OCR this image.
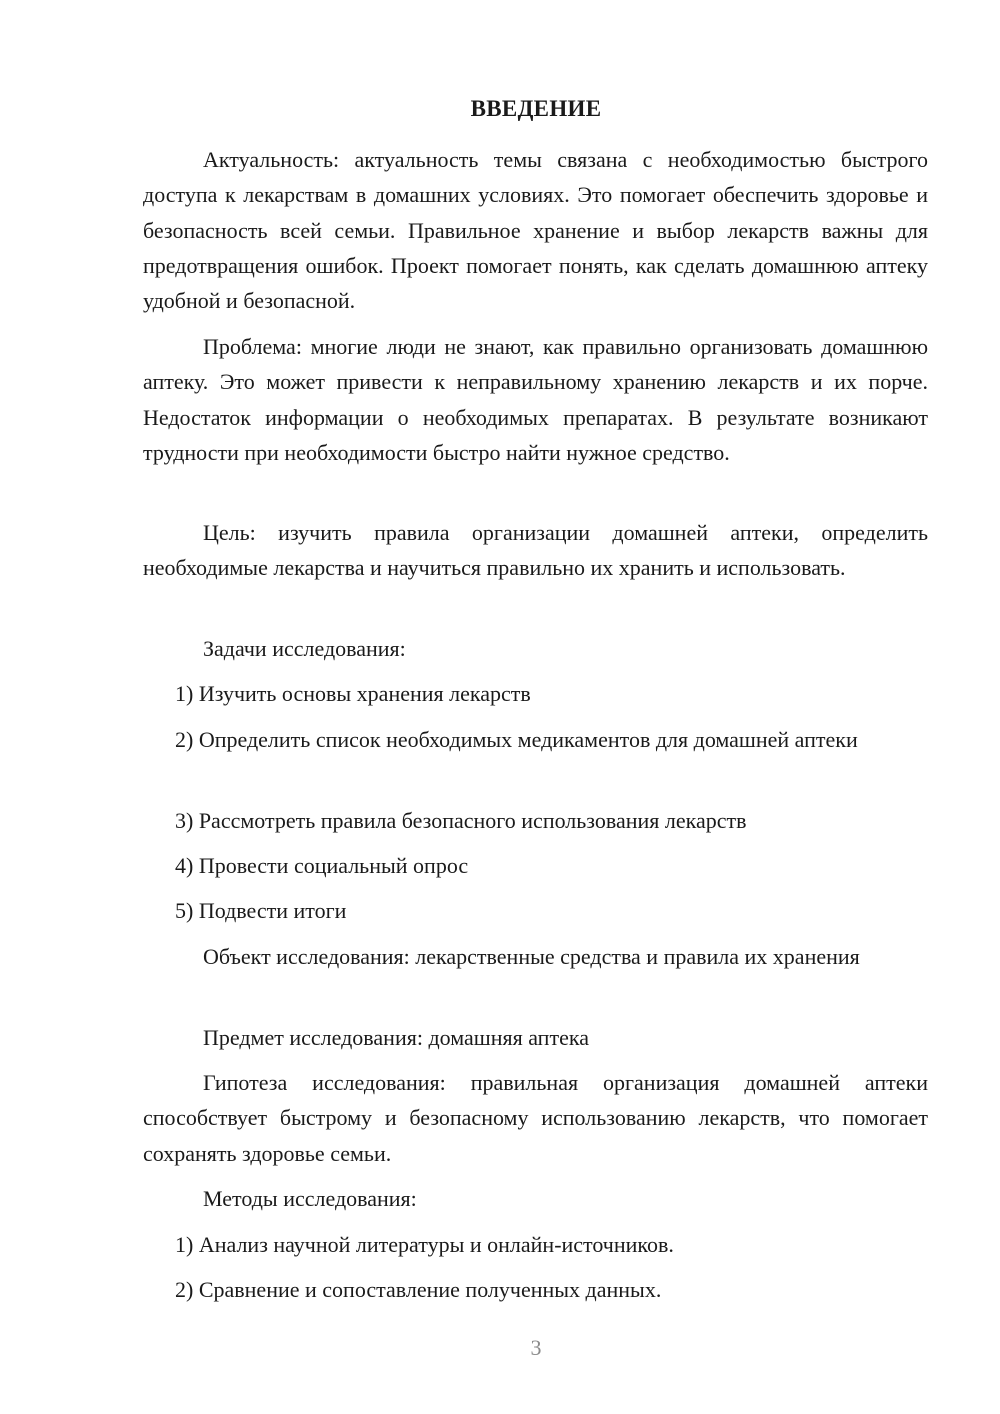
ВВЕДЕНИЕ

Актуальность: актуальность темы связана с необходимостью быстрого доступа к лекарствам в домашних условиях. Это помогает обеспечить здоровье и безопасность всей семьи. Правильное хранение и выбор лекарств важны для предотвращения ошибок. Проект помогает понять, как сделать домашнюю аптеку удобной и безопасной.

Проблема: многие люди не знают, как правильно организовать домашнюю аптеку. Это может привести к неправильному хранению лекарств и их порче. Недостаток информации о необходимых препаратах. В результате возникают трудности при необходимости быстро найти нужное средство.

Цель: изучить правила организации домашней аптеки, определить необходимые лекарства и научиться правильно их хранить и использовать.

Задачи исследования:

1) Изучить основы хранения лекарств

2) Определить список необходимых медикаментов для домашней аптеки

3) Рассмотреть правила безопасного использования лекарств

4) Провести социальный опрос

5) Подвести итоги

Объект исследования: лекарственные средства и правила их хранения

Предмет исследования: домашняя аптека

Гипотеза исследования: правильная организация домашней аптеки способствует быстрому и безопасному использованию лекарств, что помогает сохранять здоровье семьи.

Методы исследования:

1) Анализ научной литературы и онлайн-источников.

2) Сравнение и сопоставление полученных данных.

3
